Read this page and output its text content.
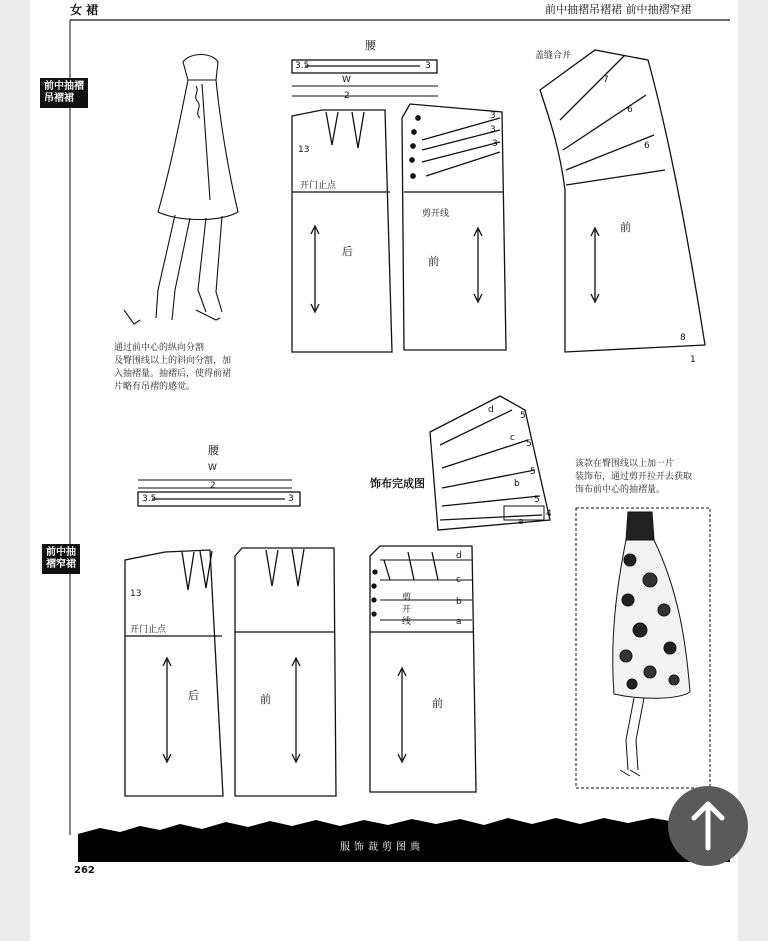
女 裙	前中抽褶吊褶裙 前中抽褶窄裙
前中抽褶
吊褶裙
前中抽
褶窄裙
通过前中心的纵向分割
及臀围线以上的斜向分割，加
入抽褶量。抽褶后，使得前裙
片略有吊褶的感觉。
该款在臀围线以上加一片
装饰布，通过剪开拉开去获取
饰布前中心的抽褶量。
腰
3.5	3
W
2
13
开门止点
后
剪开线
前
3
3
3
盖缝合并
7
6
6
前
8
1
饰布完成图
d
c
b
a
5
5
5
5
4
腰
W
2
3.5	3
13
开门止点
后	前
d
c
b
a
剪
开
线
前
服饰裁剪图典
262
